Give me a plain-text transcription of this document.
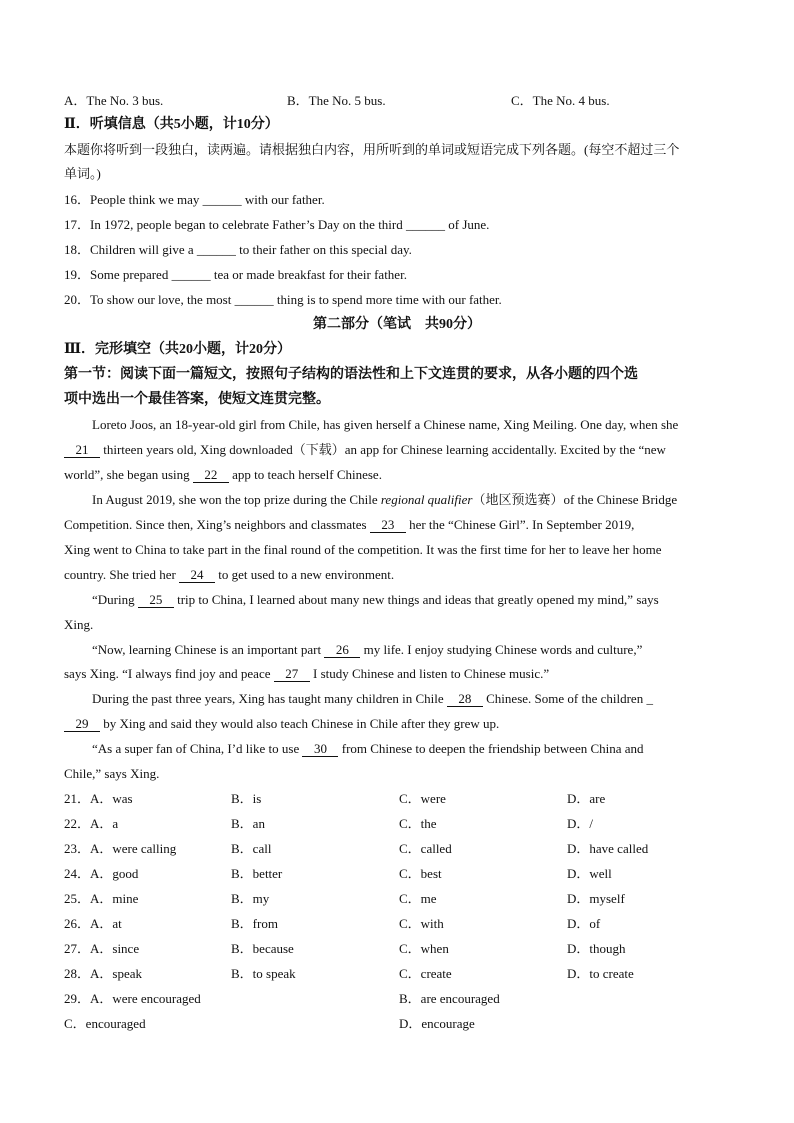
A．The No. 3 bus.	B．The No. 5 bus.	C．The No. 4 bus.
Ⅱ．听填信息（共5小题，计10分）
本题你将听到一段独白，读两遍。请根据独白内容，用所听到的单词或短语完成下列各题。(每空不超过三个
单词。)
16．People think we may ______ with our father.
17．In 1972, people began to celebrate Father’s Day on the third ______ of June.
18．Children will give a ______ to their father on this special day.
19．Some prepared ______ tea or made breakfast for their father.
20．To show our love, the most ______ thing is to spend more time with our father.
第二部分（笔试　共90分）
Ⅲ．完形填空（共20小题，计20分）
第一节：阅读下面一篇短文，按照句子结构的语法性和上下文连贯的要求，从各小题的四个选
项中选出一个最佳答案，使短文连贯完整。
Loreto Joos, an 18-year-old girl from Chile, has given herself a Chinese name, Xing Meiling. One day, when she
21 thirteen years old, Xing downloaded（下载）an app for Chinese learning accidentally. Excited by the “new
world”, she began using 22 app to teach herself Chinese.
In August 2019, she won the top prize during the Chile regional qualifier（地区预选赛）of the Chinese Bridge
Competition. Since then, Xing’s neighbors and classmates 23 her the “Chinese Girl”. In September 2019,
Xing went to China to take part in the final round of the competition. It was the first time for her to leave her home
country. She tried her 24 to get used to a new environment.
“During 25 trip to China, I learned about many new things and ideas that greatly opened my mind,” says
Xing.
“Now, learning Chinese is an important part 26 my life. I enjoy studying Chinese words and culture,”
says Xing. “I always find joy and peace 27 I study Chinese and listen to Chinese music.”
During the past three years, Xing has taught many children in Chile 28 Chinese. Some of the children _
29 by Xing and said they would also teach Chinese in Chile after they grew up.
“As a super fan of China, I’d like to use 30 from Chinese to deepen the friendship between China and
Chile,” says Xing.
21．A．was	B．is	C．were	D．are
22．A．a	B．an	C．the	D．/
23．A．were calling	B．call	C．called	D．have called
24．A．good	B．better	C．best	D．well
25．A．mine	B．my	C．me	D．myself
26．A．at	B．from	C．with	D．of
27．A．since	B．because	C．when	D．though
28．A．speak	B．to speak	C．create	D．to create
29．A．were encouraged	B．are encouraged
C．encouraged	D．encourage
